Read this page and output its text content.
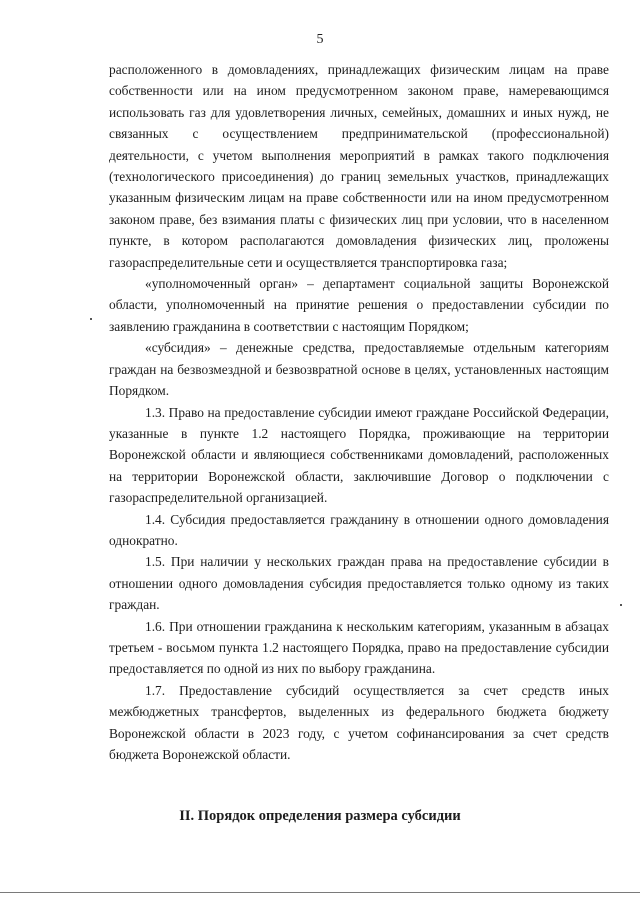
5

расположенного в домовладениях, принадлежащих физическим лицам на праве собственности или на ином предусмотренном законом праве, намеревающимся использовать газ для удовлетворения личных, семейных, домашних и иных нужд, не связанных с осуществлением предпринимательской (профессиональной) деятельности, с учетом выполнения мероприятий в рамках такого подключения (технологического присоединения) до границ земельных участков, принадлежащих указанным физическим лицам на праве собственности или на ином предусмотренном законом праве, без взимания платы с физических лиц при условии, что в населенном пункте, в котором располагаются домовладения физических лиц, проложены газораспределительные сети и осуществляется транспортировка газа;

«уполномоченный орган» – департамент социальной защиты Воронежской области, уполномоченный на принятие решения о предоставлении субсидии по заявлению гражданина в соответствии с настоящим Порядком;

«субсидия» – денежные средства, предоставляемые отдельным категориям граждан на безвозмездной и безвозвратной основе в целях, установленных настоящим Порядком.

1.3. Право на предоставление субсидии имеют граждане Российской Федерации, указанные в пункте 1.2 настоящего Порядка, проживающие на территории Воронежской области и являющиеся собственниками домовладений, расположенных на территории Воронежской области, заключившие Договор о подключении с газораспределительной организацией.

1.4. Субсидия предоставляется гражданину в отношении одного домовладения однократно.

1.5. При наличии у нескольких граждан права на предоставление субсидии в отношении одного домовладения субсидия предоставляется только одному из таких граждан.

1.6. При отношении гражданина к нескольким категориям, указанным в абзацах третьем - восьмом пункта 1.2 настоящего Порядка, право на предоставление субсидии предоставляется по одной из них по выбору гражданина.

1.7. Предоставление субсидий осуществляется за счет средств иных межбюджетных трансфертов, выделенных из федерального бюджета бюджету Воронежской области в 2023 году, с учетом софинансирования за счет средств бюджета Воронежской области.

II. Порядок определения размера субсидии
